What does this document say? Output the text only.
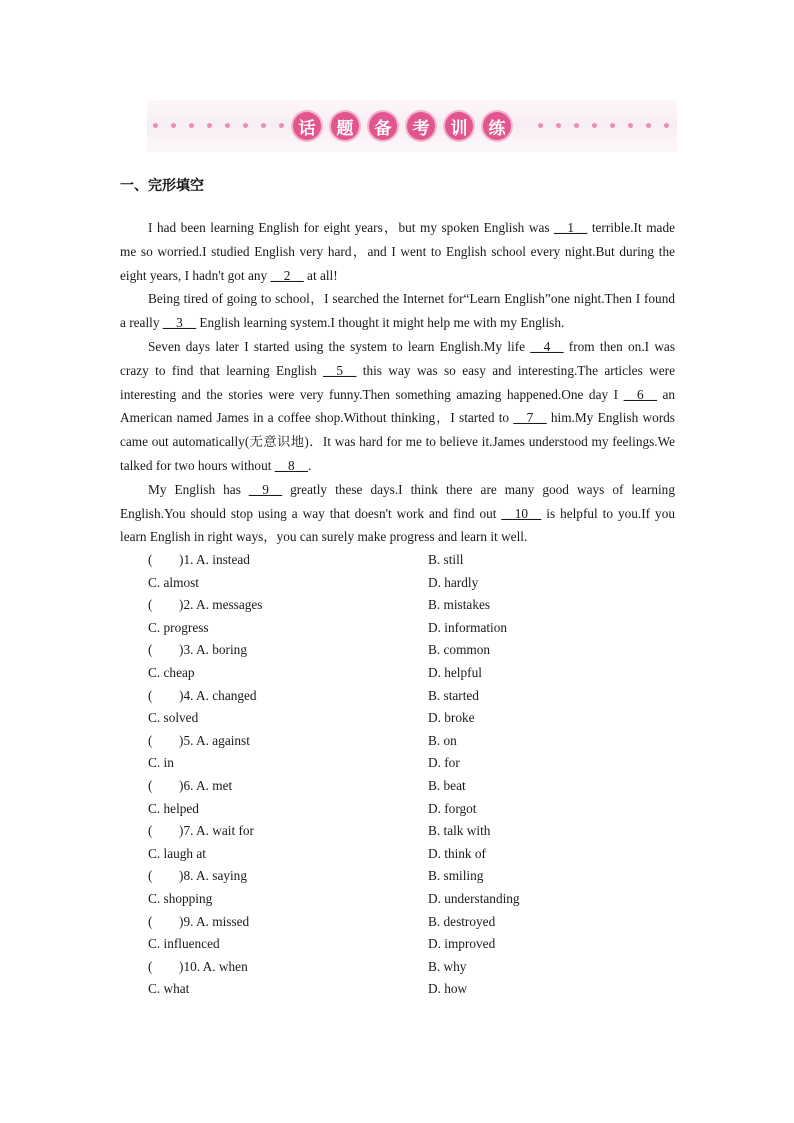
话	题	备	考	训	练
一、完形填空

I had been learning English for eight years，but my spoken English was __1__ terrible.It made me so worried.I studied English very hard，and I went to English school every night.But during the eight years, I hadn't got any __2__ at all!

Being tired of going to school，I searched the Internet for“Learn English”one night.Then I found a really __3__ English learning system.I thought it might help me with my English.

Seven days later I started using the system to learn English.My life __4__ from then on.I was crazy to find that learning English __5__ this way was so easy and interesting.The articles were interesting and the stories were very funny.Then something amazing happened.One day I __6__ an American named James in a coffee shop.Without thinking，I started to __7__ him.My English words came out automatically(无意识地)．It was hard for me to believe it.James understood my feelings.We talked for two hours without __8__.

My English has __9__ greatly these days.I think there are many good ways of learning English.You should stop using a way that doesn't work and find out __10__ is helpful to you.If you learn English in right ways，you can surely make progress and learn it well.

(　　)1. A. instead	B. still
C. almost	D. hardly
(　　)2. A. messages	B. mistakes
C. progress	D. information
(　　)3. A. boring	B. common
C. cheap	D. helpful
(　　)4. A. changed	B. started
C. solved	D. broke
(　　)5. A. against	B. on
C. in	D. for
(　　)6. A. met	B. beat
C. helped	D. forgot
(　　)7. A. wait for	B. talk with
C. laugh at	D. think of
(　　)8. A. saying	B. smiling
C. shopping	D. understanding
(　　)9. A. missed	B. destroyed
C. influenced	D. improved
(　　)10. A. when	B. why
C. what	D. how
